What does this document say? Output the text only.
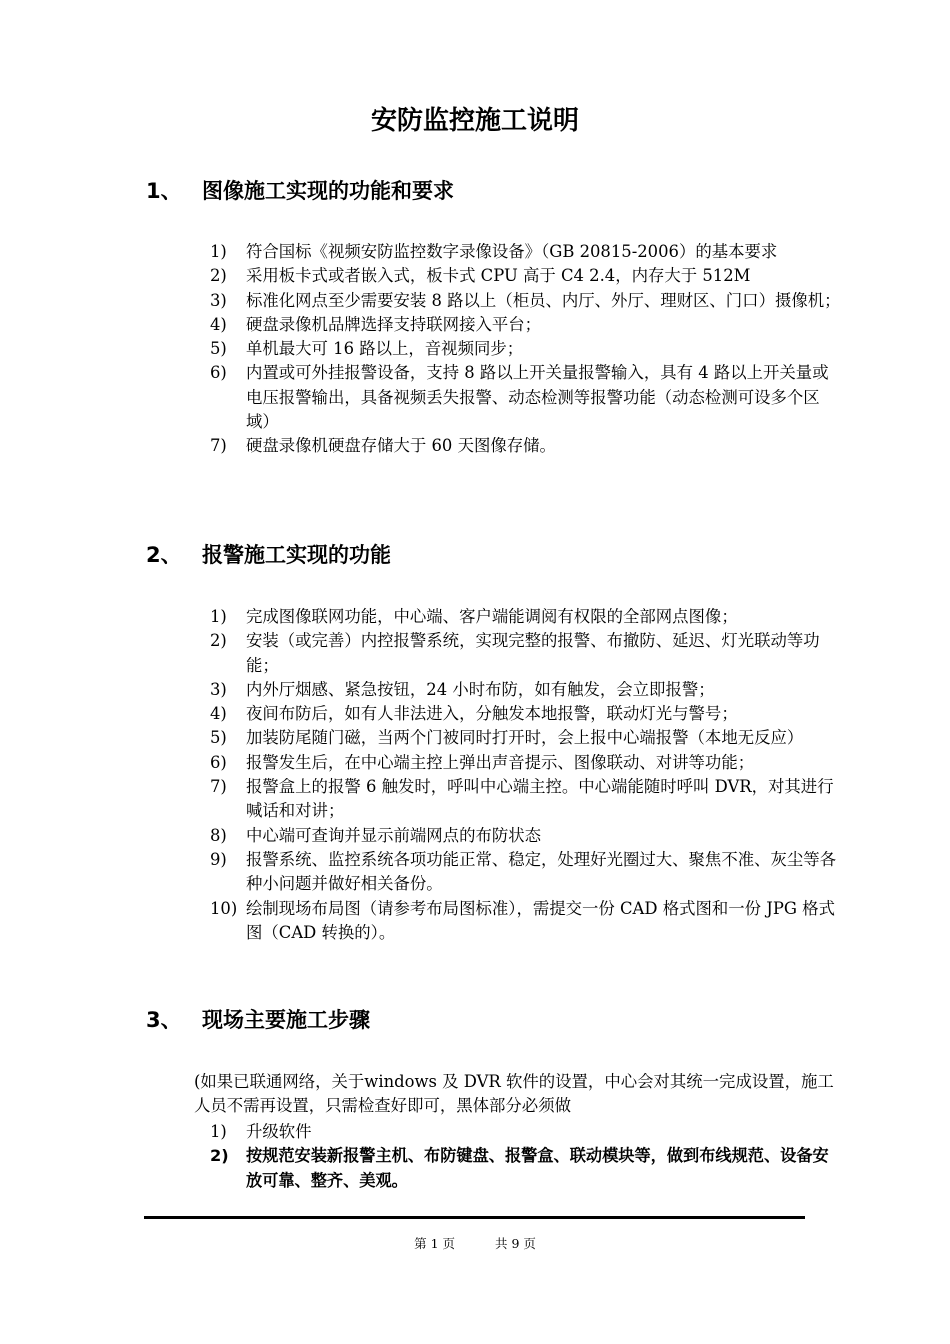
安防监控施工说明
1、 图像施工实现的功能和要求
1)	符合国标《视频安防监控数字录像设备》（GB 20815-2006）的基本要求
2)	采用板卡式或者嵌入式，板卡式 CPU 高于 C4 2.4，内存大于 512M
3)	标准化网点至少需要安装 8 路以上（柜员、内厅、外厅、理财区、门口）摄像机；
4)	硬盘录像机品牌选择支持联网接入平台；
5)	单机最大可 16 路以上，音视频同步；
6)	内置或可外挂报警设备，支持 8 路以上开关量报警输入，具有 4 路以上开关量或电压报警输出，具备视频丢失报警、动态检测等报警功能（动态检测可设多个区域）
7)	硬盘录像机硬盘存储大于 60 天图像存储。
2、 报警施工实现的功能
1)	完成图像联网功能，中心端、客户端能调阅有权限的全部网点图像；
2)	安装（或完善）内控报警系统，实现完整的报警、布撤防、延迟、灯光联动等功能；
3)	内外厅烟感、紧急按钮，24 小时布防，如有触发，会立即报警；
4)	夜间布防后，如有人非法进入，分触发本地报警，联动灯光与警号；
5)	加装防尾随门磁，当两个门被同时打开时，会上报中心端报警（本地无反应）
6)	报警发生后，在中心端主控上弹出声音提示、图像联动、对讲等功能；
7)	报警盒上的报警 6 触发时，呼叫中心端主控。中心端能随时呼叫 DVR，对其进行喊话和对讲；
8)	中心端可查询并显示前端网点的布防状态
9)	报警系统、监控系统各项功能正常、稳定，处理好光圈过大、聚焦不准、灰尘等各种小问题并做好相关备份。
10) 绘制现场布局图（请参考布局图标准），需提交一份 CAD 格式图和一份 JPG 格式图（CAD 转换的）。
3、 现场主要施工步骤
(如果已联通网络，关于windows 及 DVR 软件的设置，中心会对其统一完成设置，施工人员不需再设置，只需检查好即可，黑体部分必须做
1)	升级软件
2)	按规范安装新报警主机、布防键盘、报警盒、联动模块等，做到布线规范、设备安放可靠、整齐、美观。
第 1 页	共 9 页
